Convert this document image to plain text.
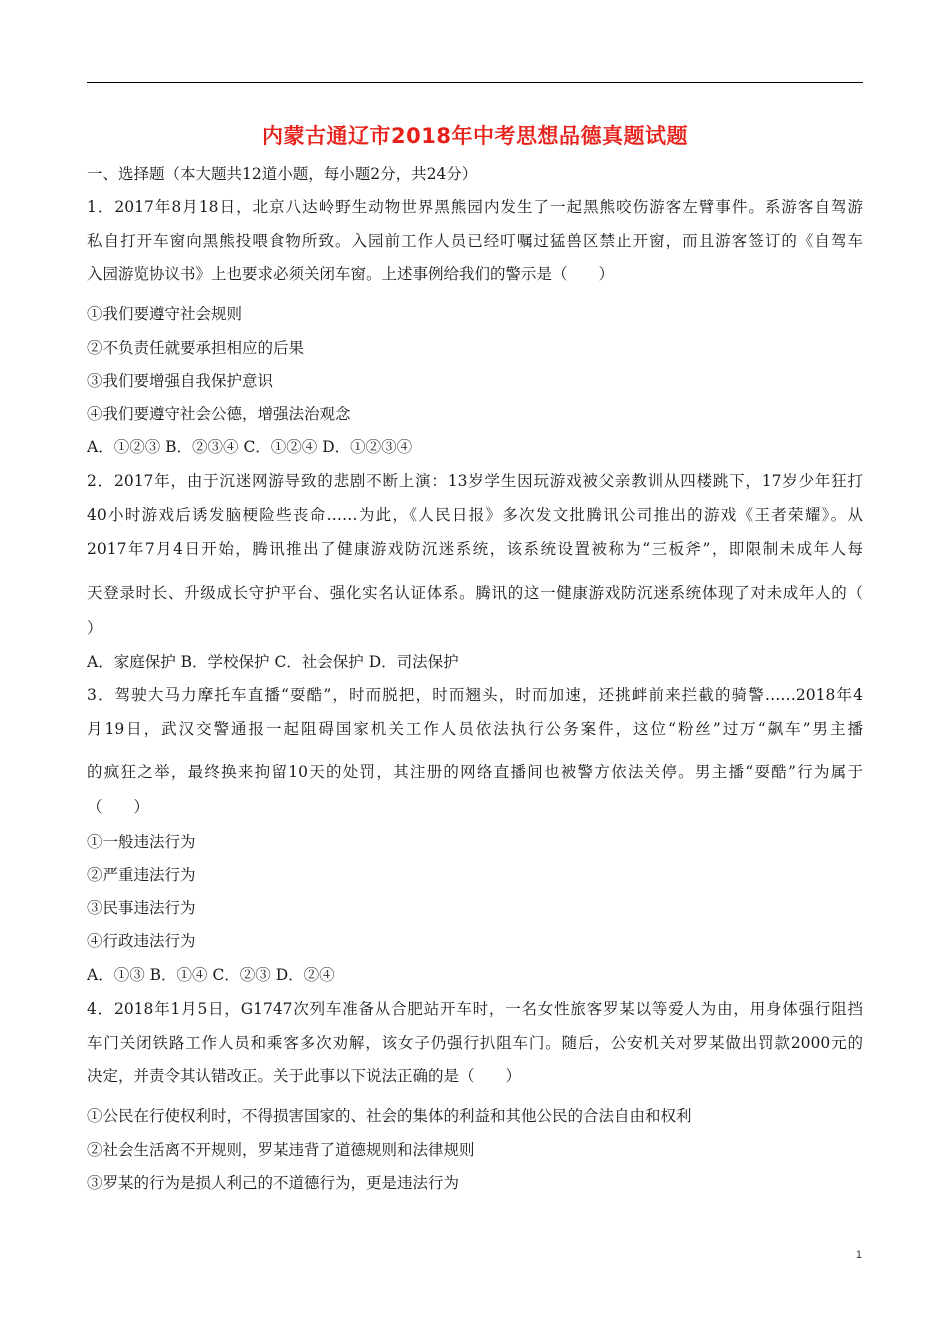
内蒙古通辽市2018年中考思想品德真题试题
一、选择题（本大题共12道小题，每小题2分，共24分）
1．2017年8月18日，北京八达岭野生动物世界黑熊园内发生了一起黑熊咬伤游客左臂事件。系游客自驾游
私自打开车窗向黑熊投喂食物所致。入园前工作人员已经叮嘱过猛兽区禁止开窗，而且游客签订的《自驾车
入园游览协议书》上也要求必须关闭车窗。上述事例给我们的警示是（　　）
①我们要遵守社会规则
②不负责任就要承担相应的后果
③我们要增强自我保护意识
④我们要遵守社会公德，增强法治观念
A．①②③ B．②③④ C．①②④ D．①②③④
2．2017年，由于沉迷网游导致的悲剧不断上演：13岁学生因玩游戏被父亲教训从四楼跳下，17岁少年狂打
40小时游戏后诱发脑梗险些丧命……为此，《人民日报》多次发文批腾讯公司推出的游戏《王者荣耀》。从
2017年7月4日开始，腾讯推出了健康游戏防沉迷系统，该系统设置被称为“三板斧”，即限制未成年人每
天登录时长、升级成长守护平台、强化实名认证体系。腾讯的这一健康游戏防沉迷系统体现了对未成年人的（
）
A．家庭保护 B．学校保护 C．社会保护 D．司法保护
3．驾驶大马力摩托车直播“耍酷”，时而脱把，时而翘头，时而加速，还挑衅前来拦截的骑警……2018年4
月19日，武汉交警通报一起阻碍国家机关工作人员依法执行公务案件，这位“粉丝”过万“飙车”男主播
的疯狂之举，最终换来拘留10天的处罚，其注册的网络直播间也被警方依法关停。男主播“耍酷”行为属于
（　　）
①一般违法行为
②严重违法行为
③民事违法行为
④行政违法行为
A．①③ B．①④ C．②③ D．②④
4．2018年1月5日，G1747次列车准备从合肥站开车时，一名女性旅客罗某以等爱人为由，用身体强行阻挡
车门关闭铁路工作人员和乘客多次劝解，该女子仍强行扒阻车门。随后，公安机关对罗某做出罚款2000元的
决定，并责令其认错改正。关于此事以下说法正确的是（　　）
①公民在行使权利时，不得损害国家的、社会的集体的利益和其他公民的合法自由和权利
②社会生活离不开规则，罗某违背了道德规则和法律规则
③罗某的行为是损人利己的不道德行为，更是违法行为
1
